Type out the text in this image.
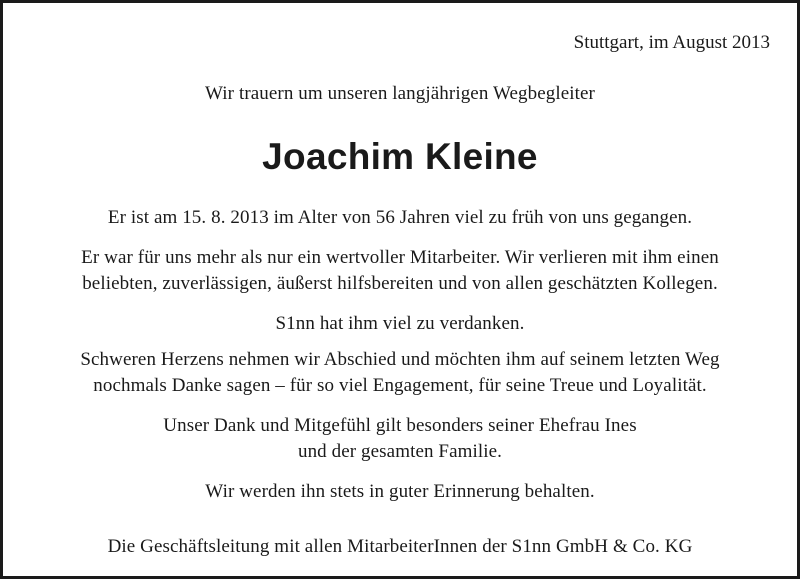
Stuttgart, im August 2013
Wir trauern um unseren langjährigen Wegbegleiter
Joachim Kleine
Er ist am 15. 8. 2013 im Alter von 56 Jahren viel zu früh von uns gegangen.
Er war für uns mehr als nur ein wertvoller Mitarbeiter. Wir verlieren mit ihm einen
beliebten, zuverlässigen, äußerst hilfsbereiten und von allen geschätzten Kollegen.
S1nn hat ihm viel zu verdanken.
Schweren Herzens nehmen wir Abschied und möchten ihm auf seinem letzten Weg
nochmals Danke sagen – für so viel Engagement, für seine Treue und Loyalität.
Unser Dank und Mitgefühl gilt besonders seiner Ehefrau Ines
und der gesamten Familie.
Wir werden ihn stets in guter Erinnerung behalten.
Die Geschäftsleitung mit allen MitarbeiterInnen der S1nn GmbH & Co. KG
